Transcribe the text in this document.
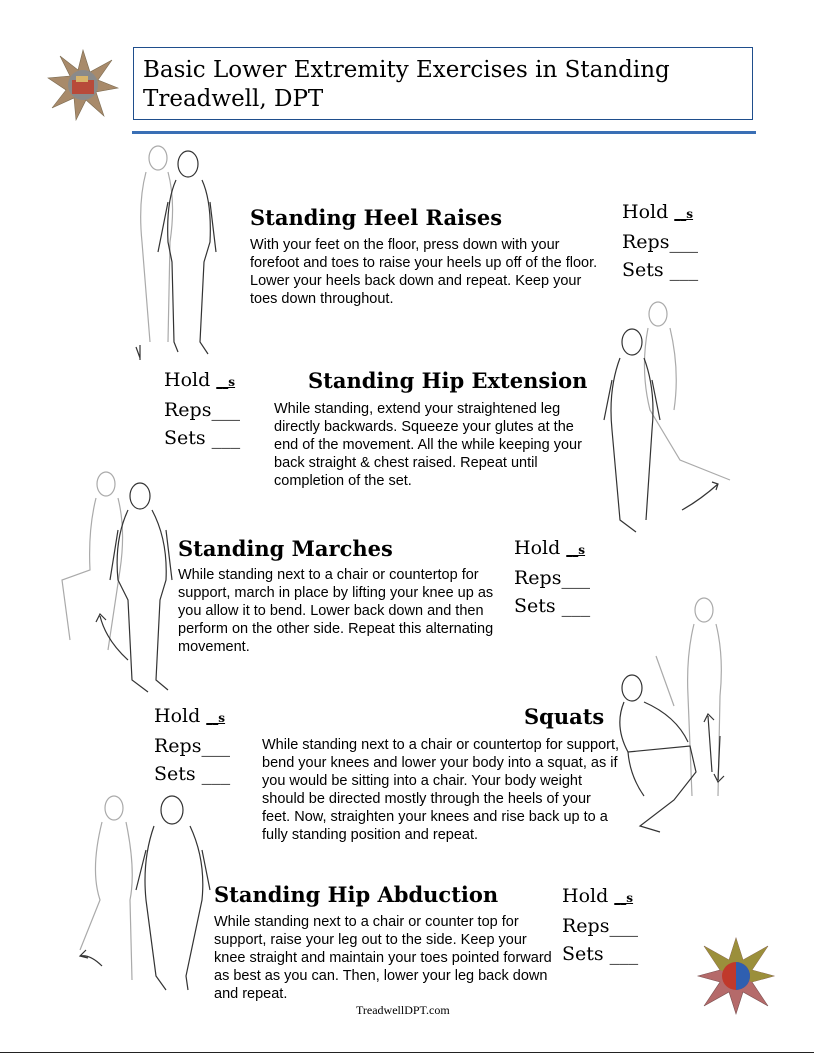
Basic Lower Extremity Exercises in Standing
Treadwell, DPT
Standing Heel Raises
With your feet on the floor, press down with your forefoot and toes to raise your heels up off of the floor. Lower your heels back down and repeat. Keep your toes down throughout.
Hold __s
Reps___
Sets ___
Hold __s
Reps___
Sets ___
Standing Hip Extension
While standing, extend your straightened leg directly backwards. Squeeze your glutes at the end of the movement. All the while keeping your back straight & chest raised. Repeat until completion of the set.
Standing Marches
While standing next to a chair or countertop for support, march in place by lifting your knee up as you allow it to bend. Lower back down and then perform on the other side. Repeat this alternating movement.
Hold __s
Reps___
Sets ___
Hold __s
Reps___
Sets ___
Squats
While standing next to a chair or countertop for support, bend your knees and lower your body into a squat, as if you would be sitting into a chair. Your body weight should be directed mostly through the heels of your feet. Now, straighten your knees and rise back up to a fully standing position and repeat.
Standing Hip Abduction
While standing next to a chair or counter top for support, raise your leg out to the side. Keep your knee straight and maintain your toes pointed forward as best as you can. Then, lower your leg back down and repeat.
Hold __s
Reps___
Sets ___
TreadwellDPT.com
